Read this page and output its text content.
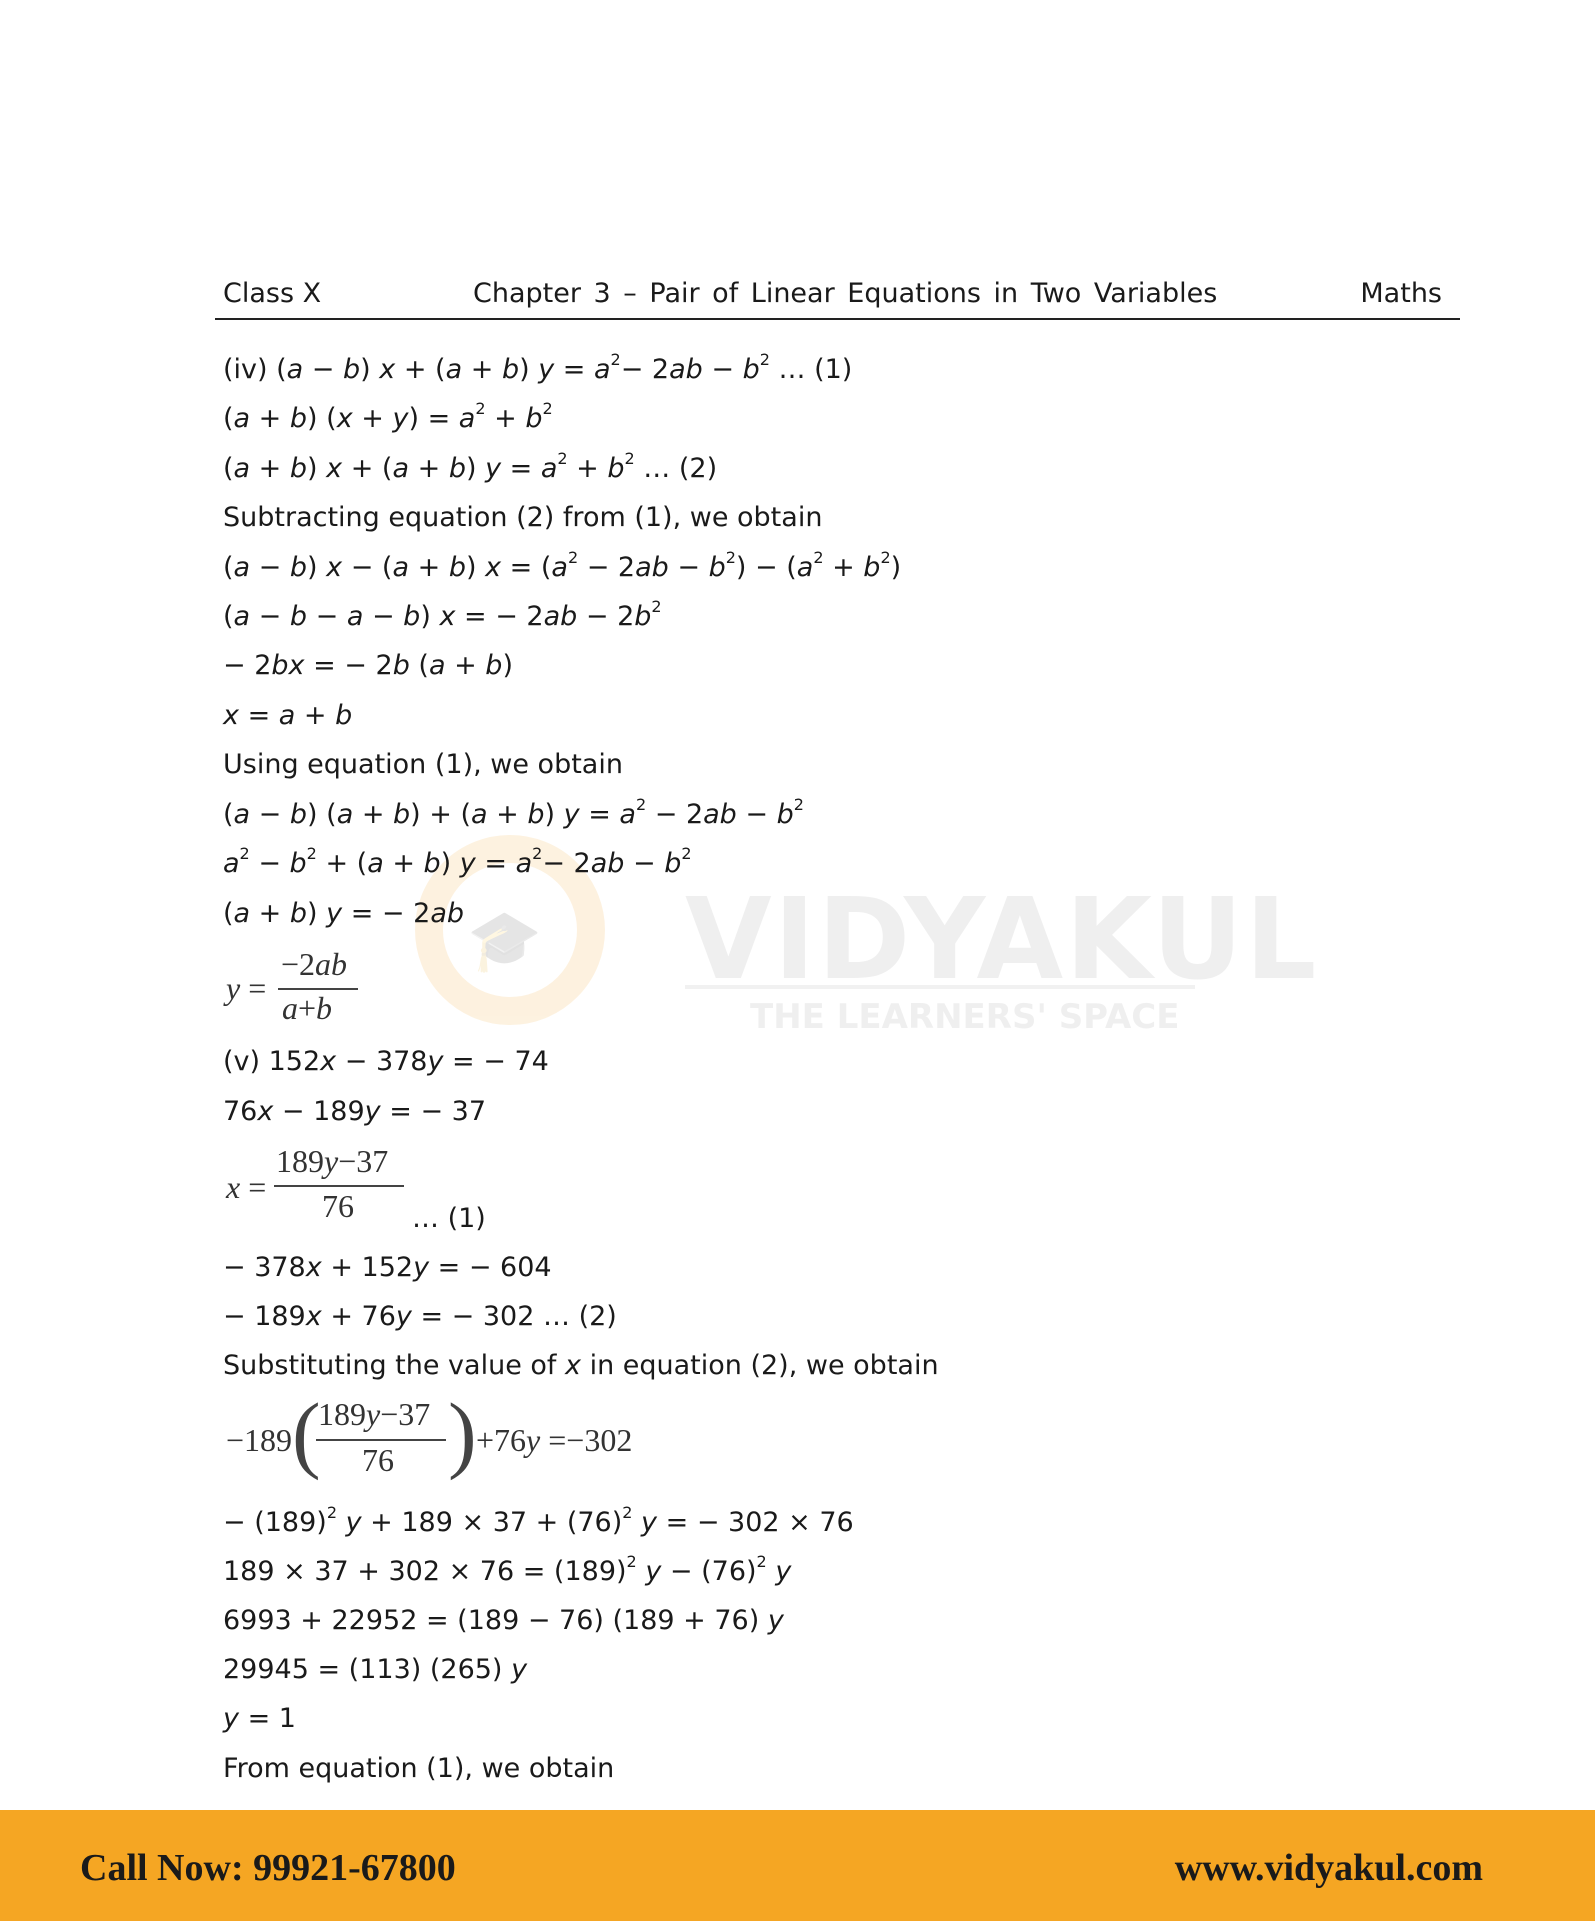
Class X	Chapter 3 – Pair of Linear Equations in Two Variables	Maths
🎓 VIDYAKUL
THE LEARNERS' SPACE
(iv) (a − b) x + (a + b) $y = a^2- 2ab - b^2$ … (1)
(a + b) $(x + y) = a^2 + b^2$
(a + b) x + (a + b) $y = a^2 + b^2$ … (2)
Subtracting equation (2) from (1), we obtain
(a − b) x − (a + b) $x = (a^2 - 2ab - b^2) - (a^2 + b^2)$
(a − b − a − b) x = − $2ab - 2b^2$
− 2bx = − 2b (a + b)
x = a + b
Using equation (1), we obtain
(a − b) (a + b) + (a + b) $y = a^2 - 2ab - b^2$
$a^2 - b^2 + (a + b) y = a^2- 2ab - b^2$
(a + b) y = − 2ab
y =
−2ab
a+b
(v) 152x − 378y = − 74
76x − 189y = − 37
x =
189y−37
76 … (1)
− 378x + 152y = − 604
− 189x + 76y = − 302 … (2)
Substituting the value of x in equation (2), we obtain
−189 (
189y−37
76 ) +76y =−302
− $(189)^2$ $y + 189 \times 37 + (76)^2$ y = − 302 × 76
$189 \times 37 + 302 \times 76 = (189)^2$ $y - (76)^2$ y
6993 + 22952 = (189 − 76) (189 + 76) y
29945 = (113) (265) y
y = 1
From equation (1), we obtain
Call Now: 99921-67800	www.vidyakul.com
